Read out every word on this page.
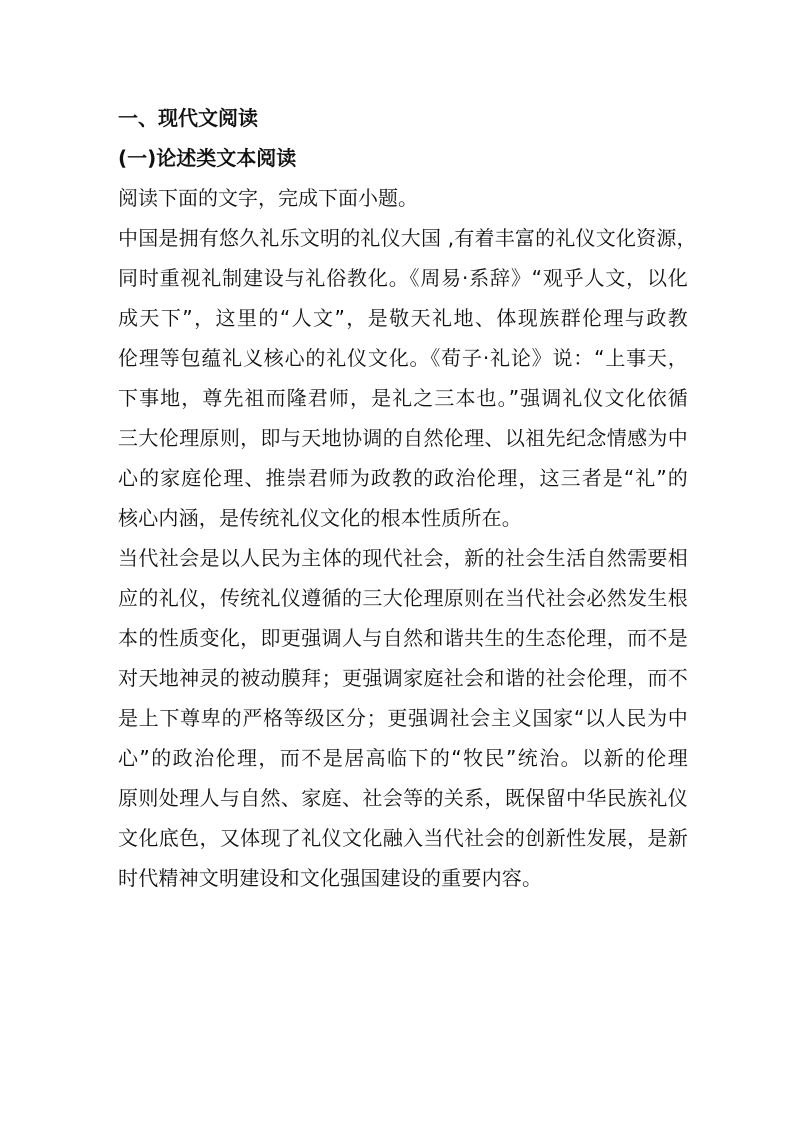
一、现代文阅读
(一)论述类文本阅读
阅读下面的文字，完成下面小题。
中国是拥有悠久礼乐文明的礼仪大国 ,有着丰富的礼仪文化资源，
同时重视礼制建设与礼俗教化。《周易·系辞》“观乎人文，以化
成天下”，这里的“人文”，是敬天礼地、体现族群伦理与政教
伦理等包蕴礼义核心的礼仪文化。《荀子·礼论》说：“上事天，
下事地，尊先祖而隆君师，是礼之三本也。”强调礼仪文化依循
三大伦理原则，即与天地协调的自然伦理、以祖先纪念情感为中
心的家庭伦理、推崇君师为政教的政治伦理，这三者是“礼”的
核心内涵，是传统礼仪文化的根本性质所在。
当代社会是以人民为主体的现代社会，新的社会生活自然需要相
应的礼仪，传统礼仪遵循的三大伦理原则在当代社会必然发生根
本的性质变化，即更强调人与自然和谐共生的生态伦理，而不是
对天地神灵的被动膜拜；更强调家庭社会和谐的社会伦理，而不
是上下尊卑的严格等级区分；更强调社会主义国家“以人民为中
心”的政治伦理，而不是居高临下的“牧民”统治。以新的伦理
原则处理人与自然、家庭、社会等的关系，既保留中华民族礼仪
文化底色，又体现了礼仪文化融入当代社会的创新性发展，是新
时代精神文明建设和文化强国建设的重要内容。
